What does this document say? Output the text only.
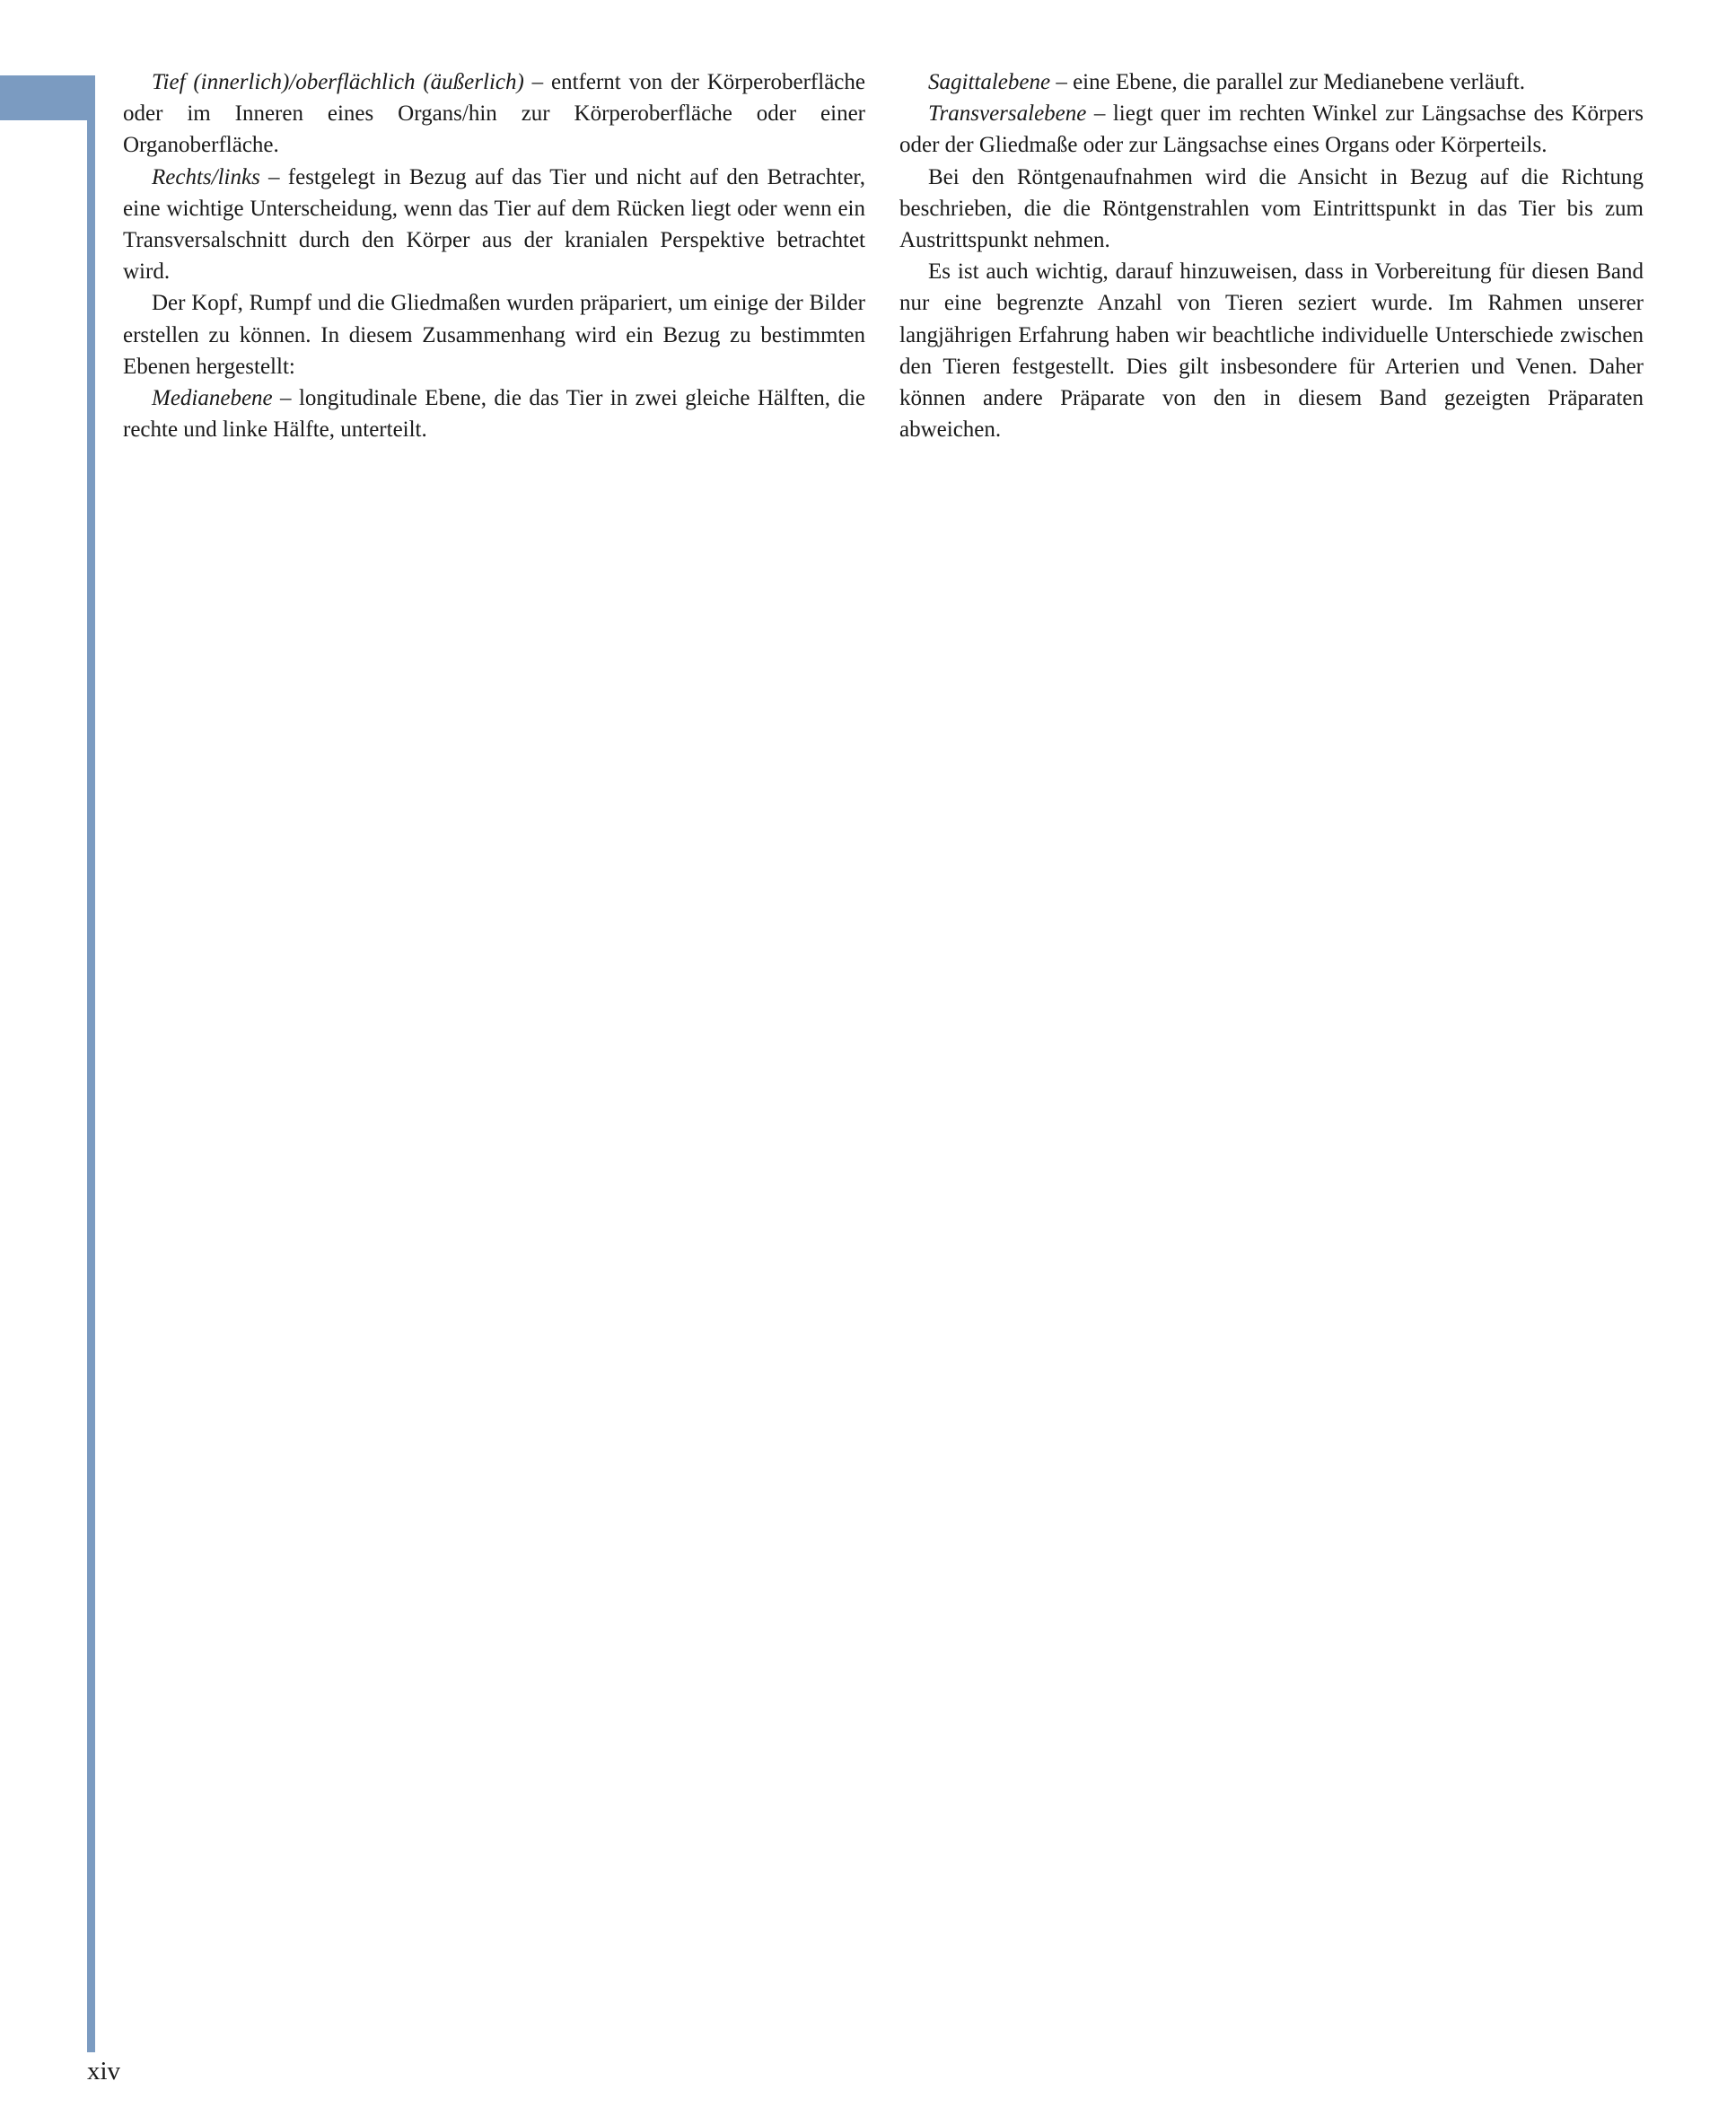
Tief (innerlich)/oberflächlich (äußerlich) – entfernt von der Körperoberfläche oder im Inneren eines Organs/hin zur Körperoberfläche oder einer Organoberfläche.

Rechts/links – festgelegt in Bezug auf das Tier und nicht auf den Betrachter, eine wichtige Unterscheidung, wenn das Tier auf dem Rücken liegt oder wenn ein Transversalschnitt durch den Körper aus der kranialen Perspektive betrachtet wird.

Der Kopf, Rumpf und die Gliedmaßen wurden präpariert, um einige der Bilder erstellen zu können. In diesem Zusammenhang wird ein Bezug zu bestimmten Ebenen hergestellt:

Medianebene – longitudinale Ebene, die das Tier in zwei gleiche Hälften, die rechte und linke Hälfte, unterteilt.

Sagittalebene – eine Ebene, die parallel zur Medianebene verläuft.

Transversalebene – liegt quer im rechten Winkel zur Längsachse des Körpers oder der Gliedmaße oder zur Längsachse eines Organs oder Körperteils.

Bei den Röntgenaufnahmen wird die Ansicht in Bezug auf die Richtung beschrieben, die die Röntgenstrahlen vom Eintrittspunkt in das Tier bis zum Austrittspunkt nehmen.

Es ist auch wichtig, darauf hinzuweisen, dass in Vorbereitung für diesen Band nur eine begrenzte Anzahl von Tieren seziert wurde. Im Rahmen unserer langjährigen Erfahrung haben wir beachtliche individuelle Unterschiede zwischen den Tieren festgestellt. Dies gilt insbesondere für Arterien und Venen. Daher können andere Präparate von den in diesem Band gezeigten Präparaten abweichen.

xiv
